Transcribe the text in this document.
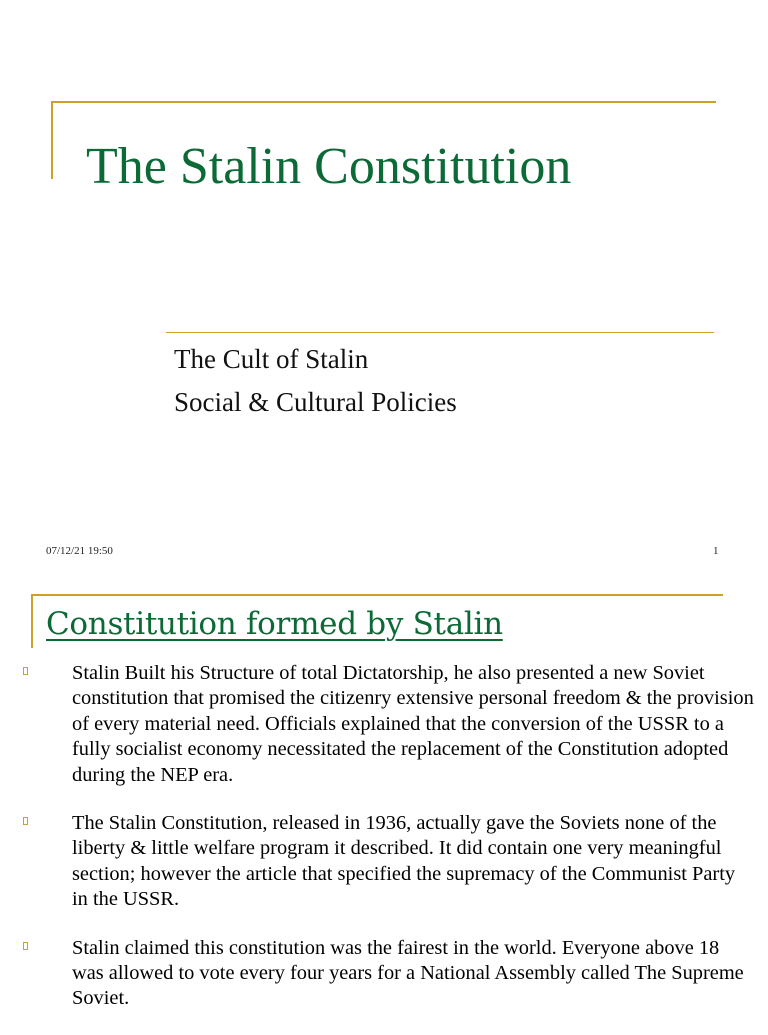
The Stalin Constitution
The Cult of Stalin
Social & Cultural Policies
07/12/21 19:50	1
Constitution formed by Stalin
Stalin Built his Structure of total Dictatorship, he also presented a new Soviet constitution that promised the citizenry extensive personal freedom & the provision of every material need. Officials explained that the conversion of the USSR to a fully socialist economy necessitated the replacement of the Constitution adopted during the NEP era.
The Stalin Constitution, released in 1936, actually gave the Soviets none of the liberty & little welfare program it described. It did contain one very meaningful section; however the article that specified the supremacy of the Communist Party in the USSR.
Stalin claimed this constitution was the fairest in the world. Everyone above 18 was allowed to vote every four years for a National Assembly called The Supreme Soviet.
